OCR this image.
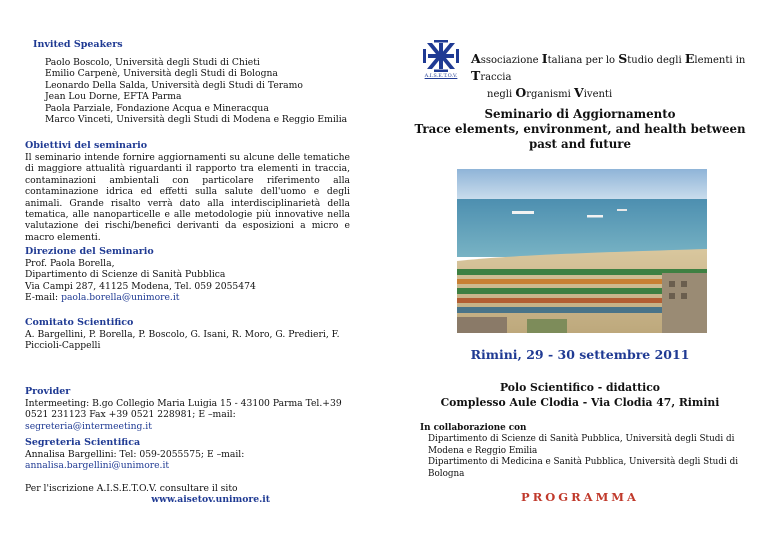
Invited Speakers
Paolo Boscolo, Università degli Studi di Chieti
Emilio Carpenè, Università degli Studi di Bologna
Leonardo Della Salda, Università degli Studi di Teramo
Jean Lou Dorne, EFTA Parma
Paola Parziale, Fondazione Acqua e Mineracqua
Marco Vinceti, Università degli Studi di Modena e Reggio Emilia
Obiettivi del seminario
Il seminario intende fornire aggiornamenti su alcune delle tematiche di maggiore attualità riguardanti il rapporto tra elementi in traccia, contaminazioni ambientali con particolare riferimento alla contaminazione idrica ed effetti sulla salute dell'uomo e degli animali. Grande risalto verrà dato alla interdisciplinarietà della tematica, alle nanoparticelle e alle metodologie più innovative nella valutazione dei rischi/benefici derivanti da esposizioni a micro e macro elementi.
Direzione del Seminario
Prof. Paola Borella,
Dipartimento di Scienze di Sanità Pubblica
Via Campi 287, 41125 Modena, Tel. 059 2055474
E-mail: paola.borella@unimore.it
Comitato Scientifico
A. Bargellini, P. Borella, P. Boscolo, G. Isani, R. Moro, G. Predieri, F. Piccioli-Cappelli
Provider
Intermeeting: B.go Collegio Maria Luigia 15 - 43100 Parma Tel.+39 0521 231123 Fax +39 0521 228981; E –mail: segreteria@intermeeting.it
Segreteria Scientifica
Annalisa Bargellini: Tel: 059-2055575; E –mail:
annalisa.bargellini@unimore.it
Per l'iscrizione A.I.S.E.T.O.V. consultare il sito
www.aisetov.unimore.it
A.I.S.E.T.O.V.
Associazione Italiana per lo Studio degli Elementi in Traccia
negli Organismi Viventi
Seminario di Aggiornamento
Trace elements, environment, and health between
past and future
Rimini, 29 - 30 settembre 2011
Polo Scientifico - didattico
Complesso Aule Clodia - Via Clodia 47, Rimini
In collaborazione con
Dipartimento di Scienze di Sanità Pubblica, Università degli Studi di
Modena e Reggio Emilia
Dipartimento di Medicina e Sanità Pubblica, Università degli Studi di
Bologna
PROGRAMMA
